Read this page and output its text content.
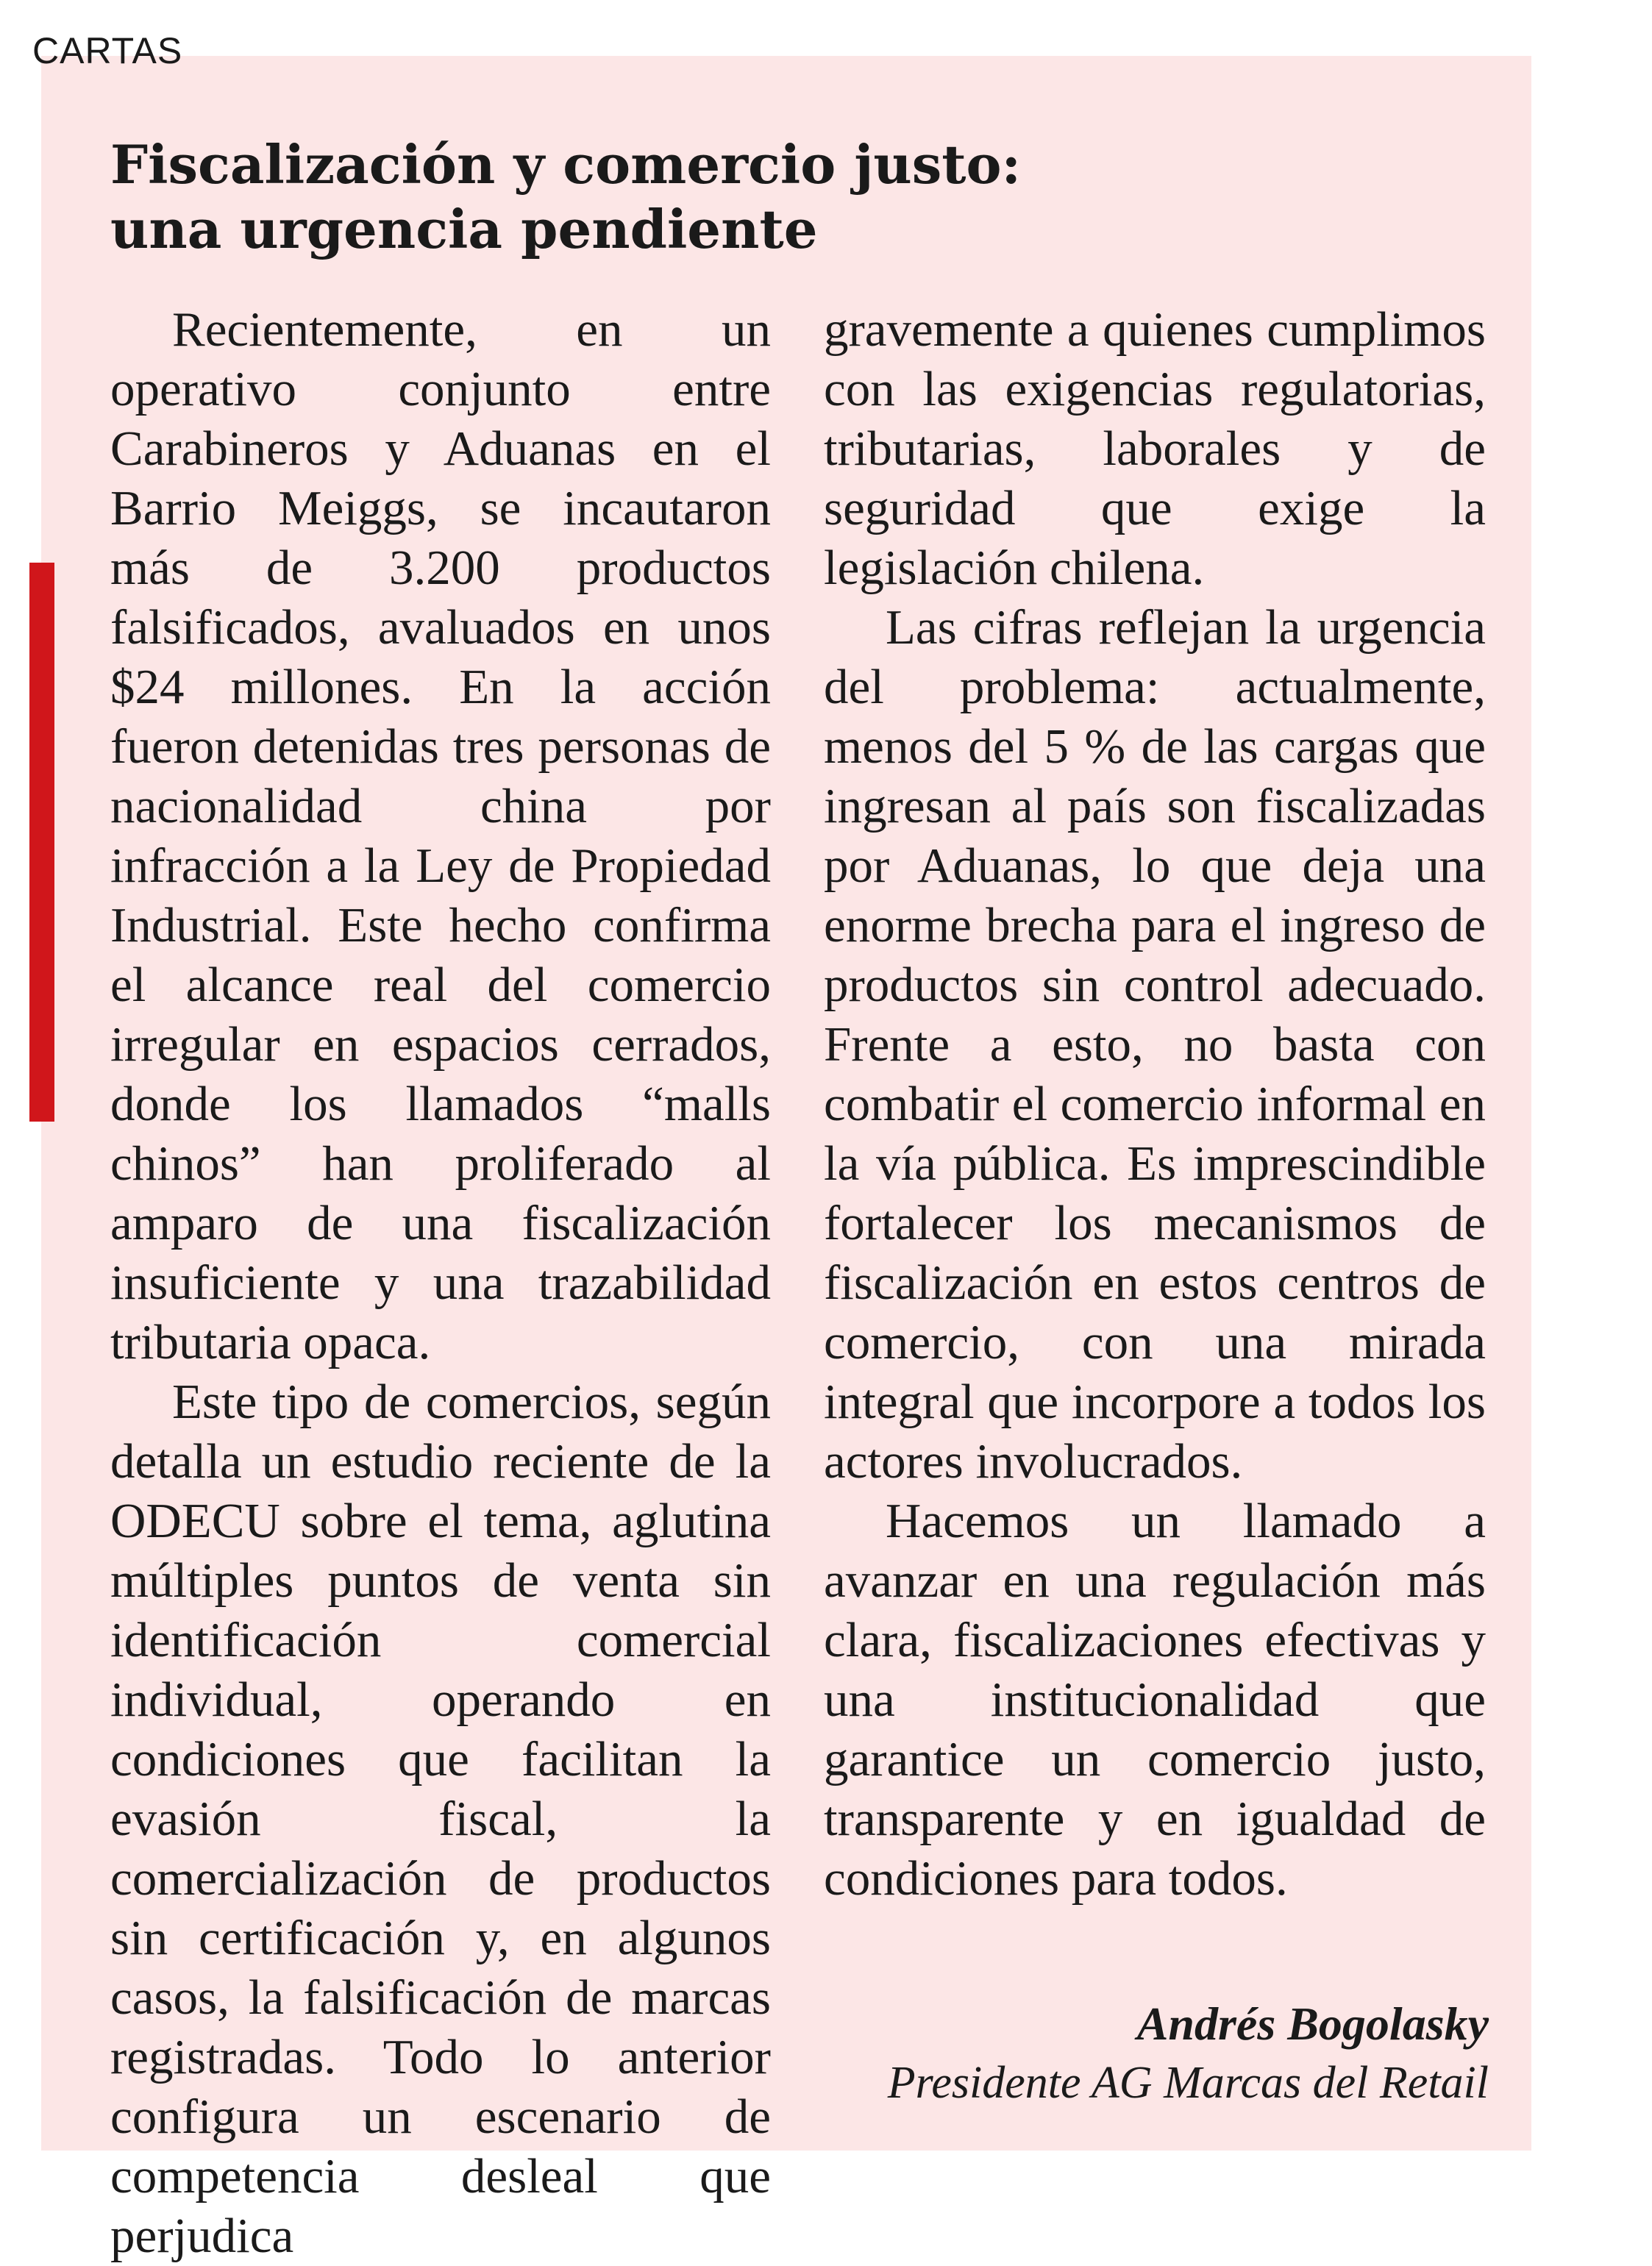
CARTAS
Fiscalización y comercio justo:
una urgencia pendiente

Recientemente, en un operativo conjunto entre Carabineros y Aduanas en el Barrio Meiggs, se incautaron más de 3.200 productos falsificados, avaluados en unos $24 millones. En la acción fueron detenidas tres personas de nacionalidad china por infracción a la Ley de Propiedad Industrial. Este hecho confirma el alcance real del comercio irregular en espacios cerrados, donde los llamados “malls chinos” han proliferado al amparo de una fiscalización insuficiente y una trazabilidad tributaria opaca.

Este tipo de comercios, según detalla un estudio reciente de la ODECU sobre el tema, aglutina múltiples puntos de venta sin identificación comercial individual, operando en condiciones que facilitan la evasión fiscal, la comercialización de productos sin certificación y, en algunos casos, la falsificación de marcas registradas. Todo lo anterior configura un escenario de competencia desleal que perjudica

gravemente a quienes cumplimos con las exigencias regulatorias, tributarias, laborales y de seguridad que exige la legislación chilena.

Las cifras reflejan la urgencia del problema: actualmente, menos del 5 % de las cargas que ingresan al país son fiscalizadas por Aduanas, lo que deja una enorme brecha para el ingreso de productos sin control adecuado. Frente a esto, no basta con combatir el comercio informal en la vía pública. Es imprescindible fortalecer los mecanismos de fiscalización en estos centros de comercio, con una mirada integral que incorpore a todos los actores involucrados.

Hacemos un llamado a avanzar en una regulación más clara, fiscalizaciones efectivas y una institucionalidad que garantice un comercio justo, transparente y en igualdad de condiciones para todos.

Andrés Bogolasky
Presidente AG Marcas del Retail
